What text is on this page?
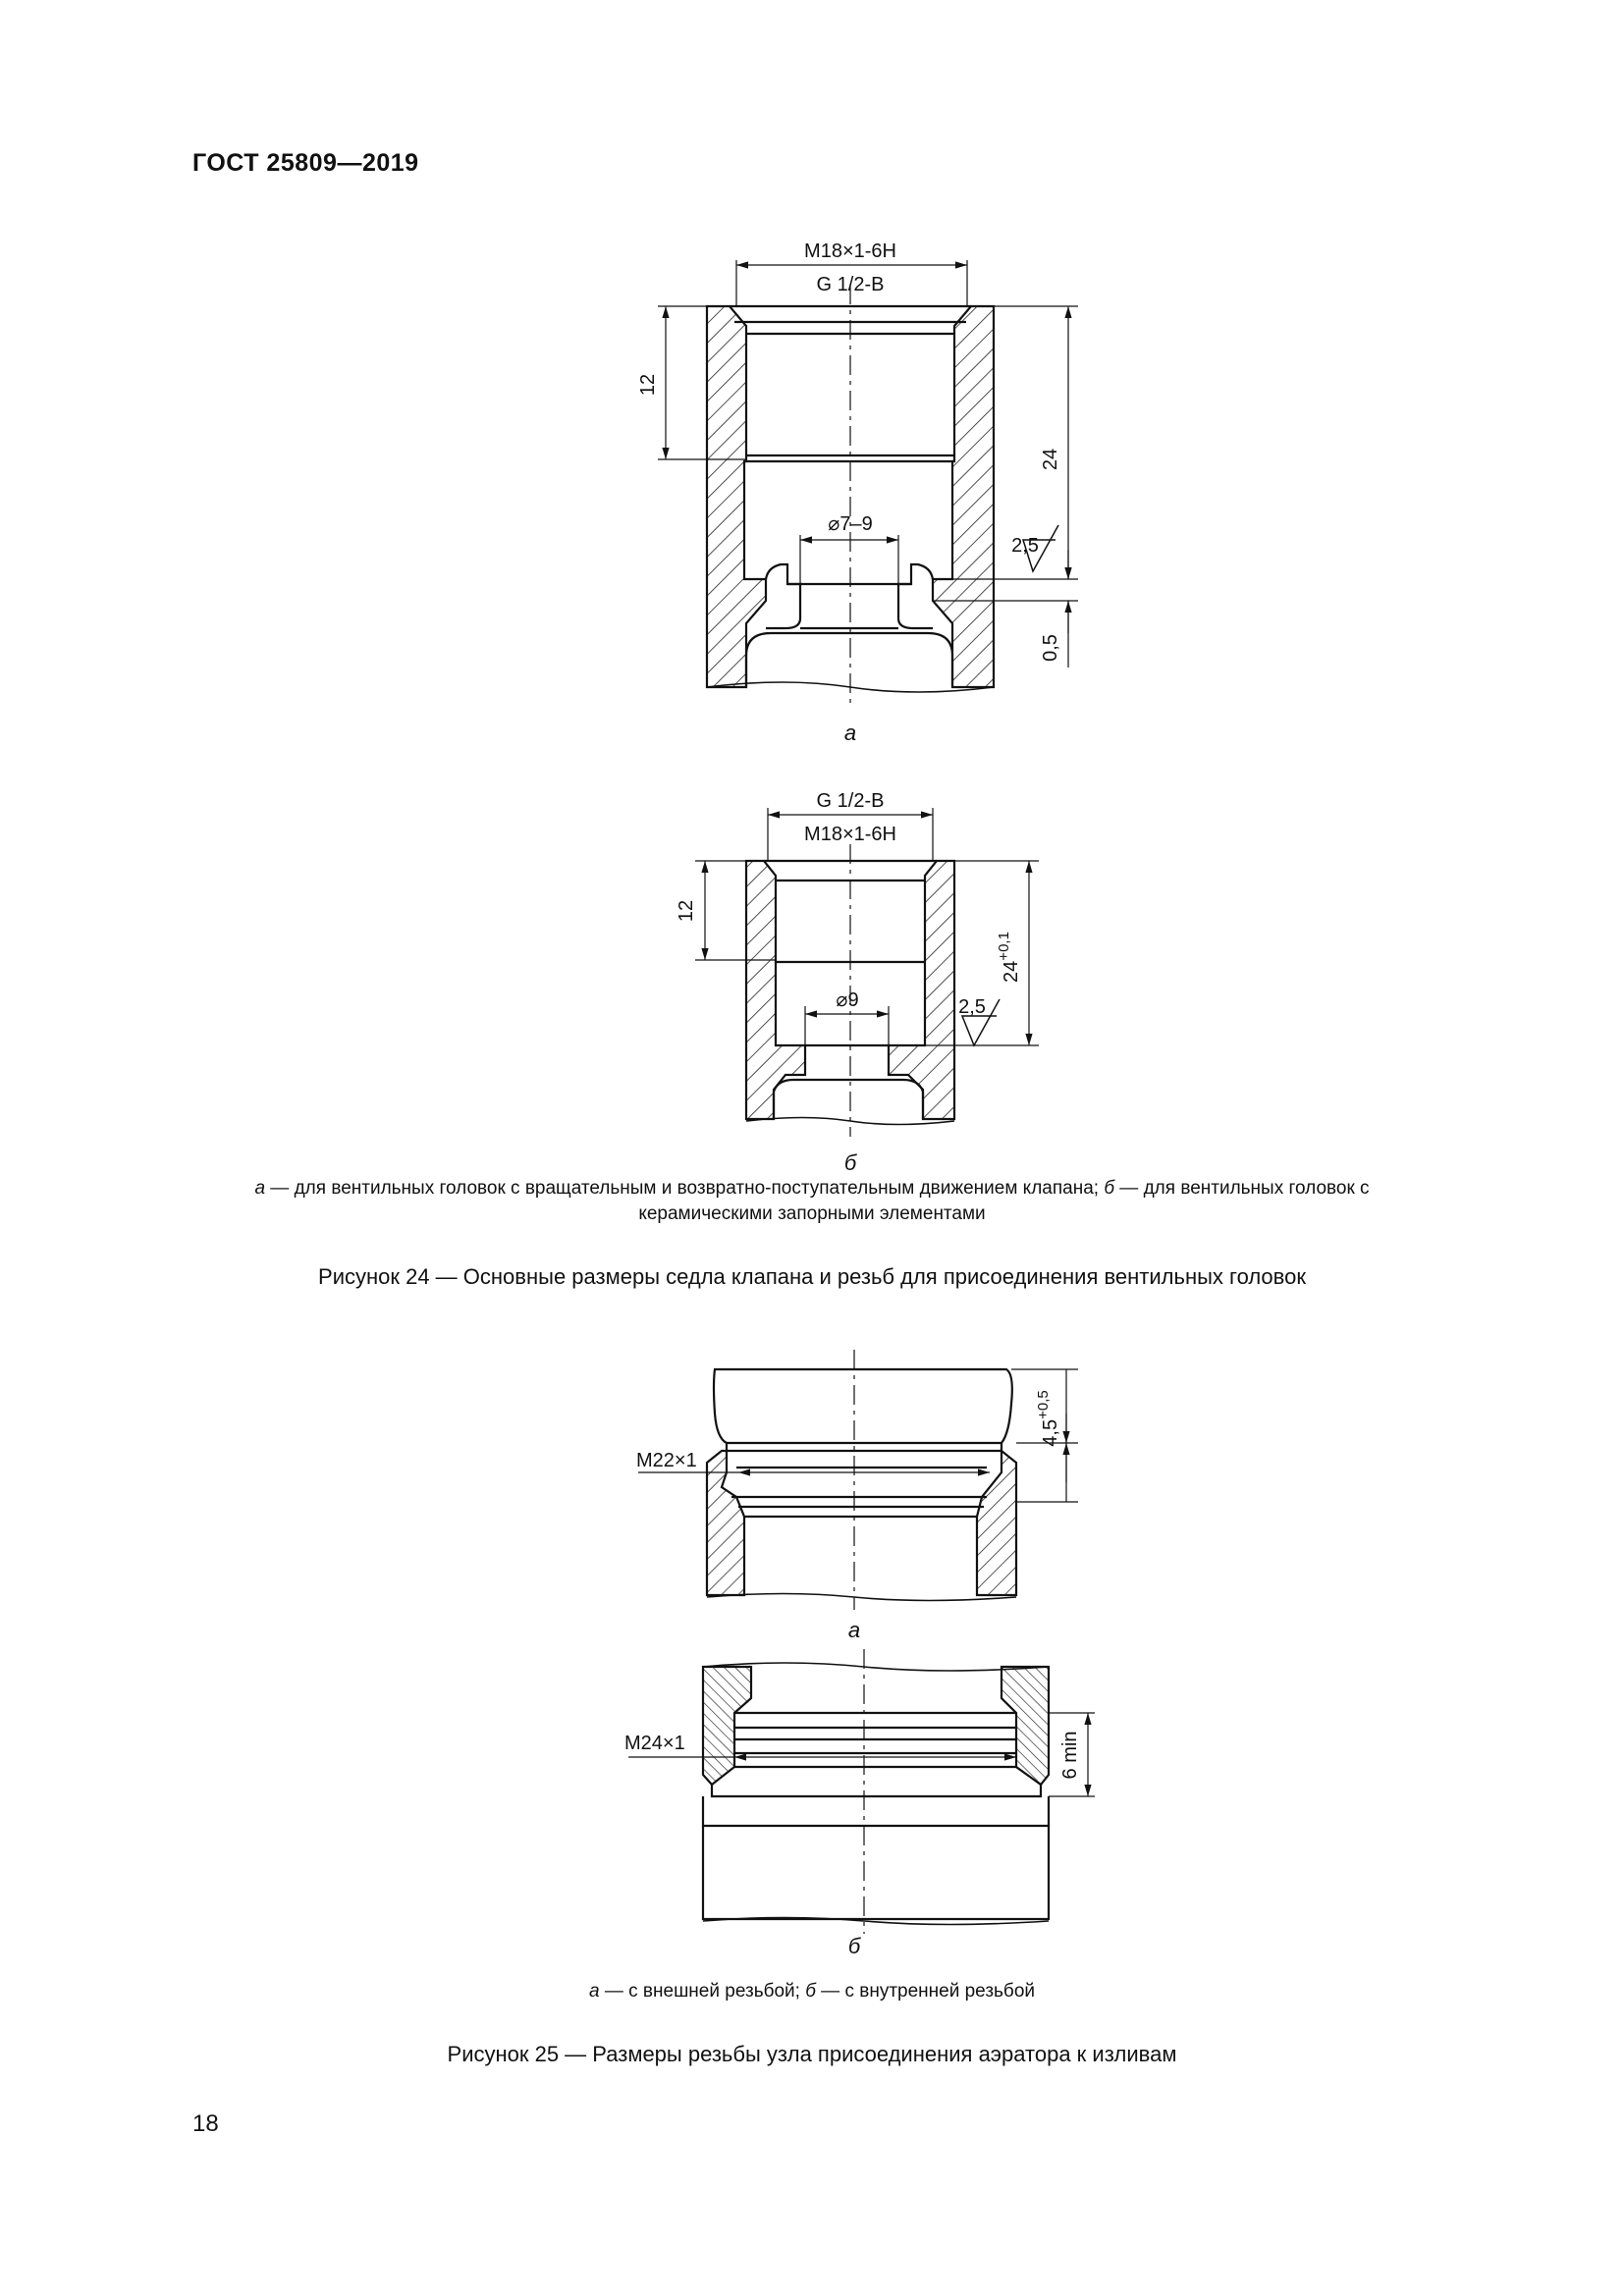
ГОСТ 25809—2019
M18×1-6H
G 1/2-B
12
24
⌀7–9
2,5
0,5
а
G 1/2-B
M18×1-6H
12
$24^{+0,1}$
⌀9	2,5
б
а — для вентильных головок с вращательным и возвратно-поступательным движением клапана; б — для вентильных головок с
керамическими запорными элементами
Рисунок 24 — Основные размеры седла клапана и резьб для присоединения вентильных головок
M22×1
$4,5^{+0,5}$
а
M24×1	6 min
б
а — с внешней резьбой; б — с внутренней резьбой
Рисунок 25 — Размеры резьбы узла присоединения аэратора к изливам
18
